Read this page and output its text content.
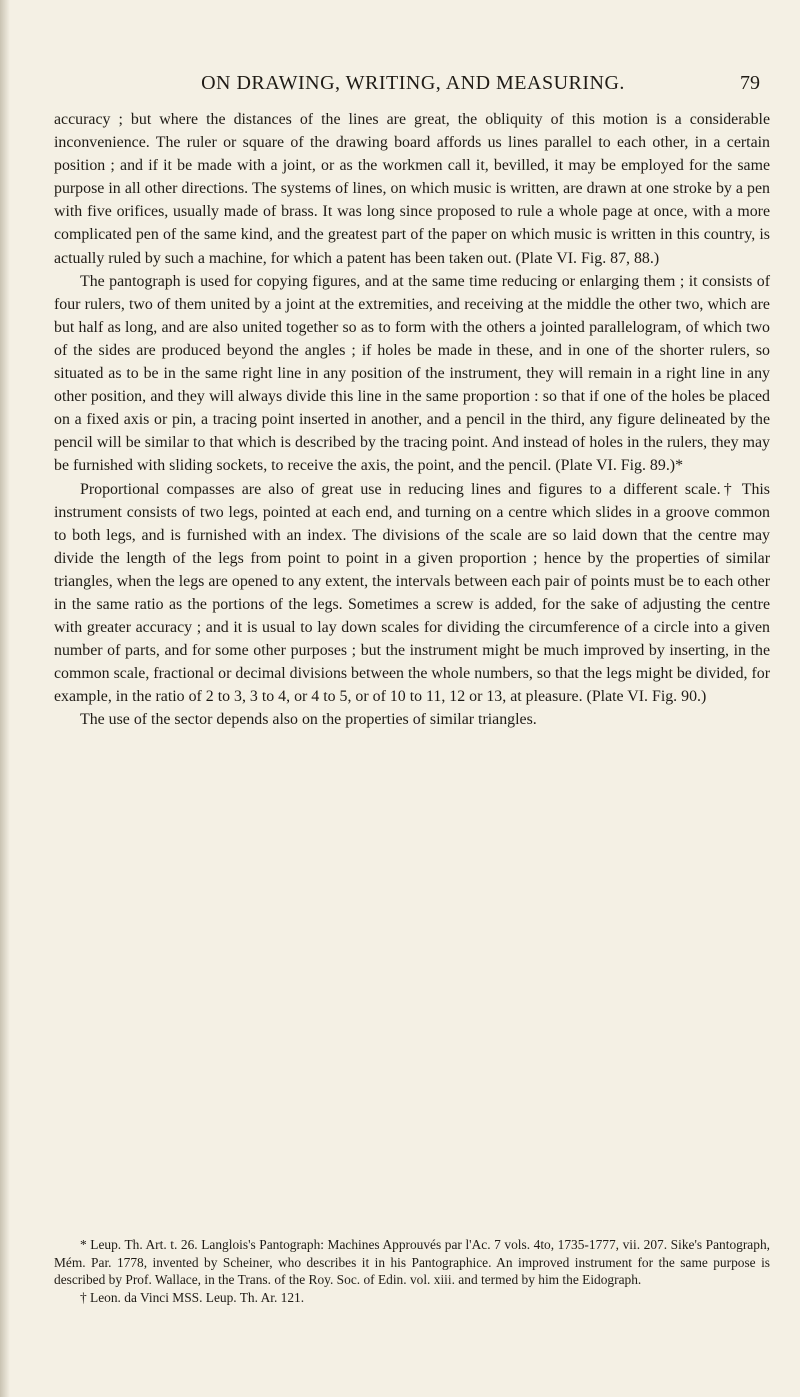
ON DRAWING, WRITING, AND MEASURING.	79

accuracy ; but where the distances of the lines are great, the obliquity of this motion is a considerable inconvenience. The ruler or square of the drawing board affords us lines parallel to each other, in a certain position ; and if it be made with a joint, or as the workmen call it, bevilled, it may be employed for the same purpose in all other directions. The systems of lines, on which music is written, are drawn at one stroke by a pen with five orifices, usually made of brass. It was long since proposed to rule a whole page at once, with a more complicated pen of the same kind, and the greatest part of the paper on which music is written in this country, is actually ruled by such a machine, for which a patent has been taken out. (Plate VI. Fig. 87, 88.)

The pantograph is used for copying figures, and at the same time reducing or enlarging them ; it consists of four rulers, two of them united by a joint at the extremities, and receiving at the middle the other two, which are but half as long, and are also united together so as to form with the others a jointed parallelogram, of which two of the sides are produced beyond the angles ; if holes be made in these, and in one of the shorter rulers, so situated as to be in the same right line in any position of the instrument, they will remain in a right line in any other position, and they will always divide this line in the same proportion : so that if one of the holes be placed on a fixed axis or pin, a tracing point inserted in another, and a pencil in the third, any figure delineated by the pencil will be similar to that which is described by the tracing point. And instead of holes in the rulers, they may be furnished with sliding sockets, to receive the axis, the point, and the pencil. (Plate VI. Fig. 89.)*

Proportional compasses are also of great use in reducing lines and figures to a different scale.† This instrument consists of two legs, pointed at each end, and turning on a centre which slides in a groove common to both legs, and is furnished with an index. The divisions of the scale are so laid down that the centre may divide the length of the legs from point to point in a given proportion ; hence by the properties of similar triangles, when the legs are opened to any extent, the intervals between each pair of points must be to each other in the same ratio as the portions of the legs. Sometimes a screw is added, for the sake of adjusting the centre with greater accuracy ; and it is usual to lay down scales for dividing the circumference of a circle into a given number of parts, and for some other purposes ; but the instrument might be much improved by inserting, in the common scale, fractional or decimal divisions between the whole numbers, so that the legs might be divided, for example, in the ratio of 2 to 3, 3 to 4, or 4 to 5, or of 10 to 11, 12 or 13, at pleasure. (Plate VI. Fig. 90.)

The use of the sector depends also on the properties of similar triangles.

* Leup. Th. Art. t. 26. Langlois's Pantograph: Machines Approuvés par l'Ac. 7 vols. 4to, 1735-1777, vii. 207. Sike's Pantograph, Mém. Par. 1778, invented by Scheiner, who describes it in his Pantographice. An improved instrument for the same purpose is described by Prof. Wallace, in the Trans. of the Roy. Soc. of Edin. vol. xiii. and termed by him the Eidograph.

† Leon. da Vinci MSS. Leup. Th. Ar. 121.
